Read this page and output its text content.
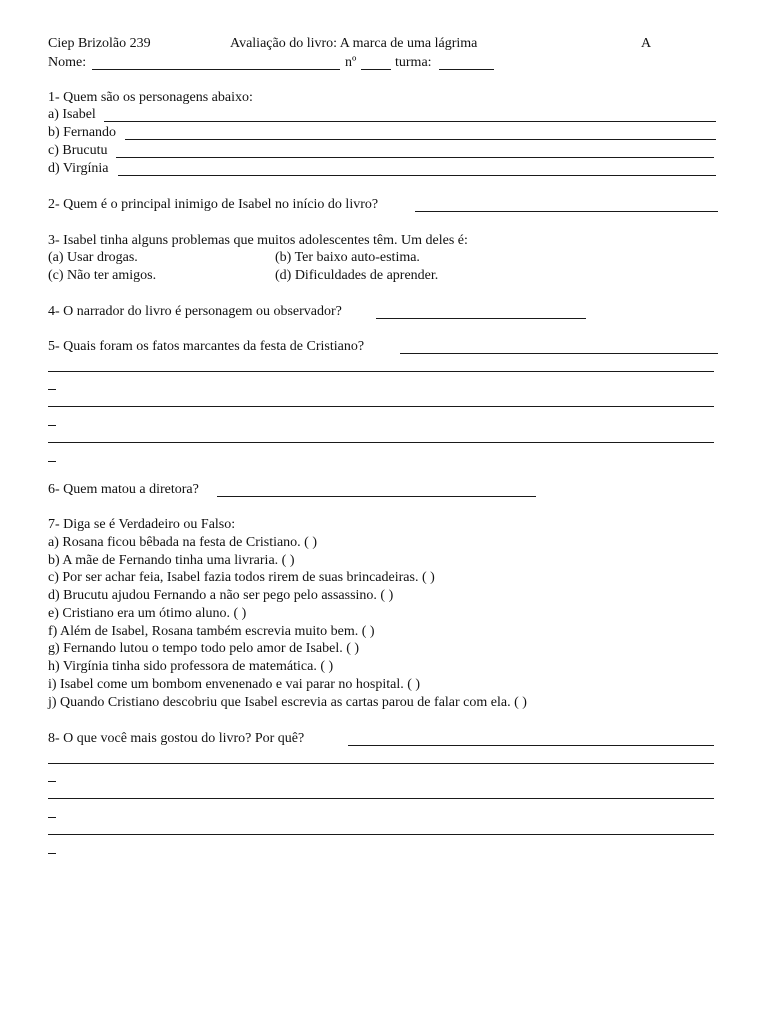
Ciep Brizolão 239	Avaliação do livro: A marca de uma lágrima	A
Nome:	nº	turma:
1- Quem são os personagens abaixo:
a) Isabel
b) Fernando
c) Brucutu
d) Virgínia
2- Quem é o principal inimigo de Isabel no início do livro?
3- Isabel tinha alguns problemas que muitos adolescentes têm. Um deles é:
(a) Usar drogas.	(b) Ter baixo auto-estima.
(c) Não ter amigos.	(d) Dificuldades de aprender.
4- O narrador do livro é personagem ou observador?
5- Quais foram os fatos marcantes da festa de Cristiano?
6- Quem matou a diretora?
7- Diga se é Verdadeiro ou Falso:
a) Rosana ficou bêbada na festa de Cristiano. ( )
b) A mãe de Fernando tinha uma livraria. ( )
c) Por ser achar feia, Isabel fazia todos rirem de suas brincadeiras. ( )
d) Brucutu ajudou Fernando a não ser pego pelo assassino. ( )
e) Cristiano era um ótimo aluno. ( )
f) Além de Isabel, Rosana também escrevia muito bem. ( )
g) Fernando lutou o tempo todo pelo amor de Isabel. ( )
h) Virgínia tinha sido professora de matemática. ( )
i) Isabel come um bombom envenenado e vai parar no hospital. ( )
j) Quando Cristiano descobriu que Isabel escrevia as cartas parou de falar com ela. ( )
8- O que você mais gostou do livro? Por quê?
